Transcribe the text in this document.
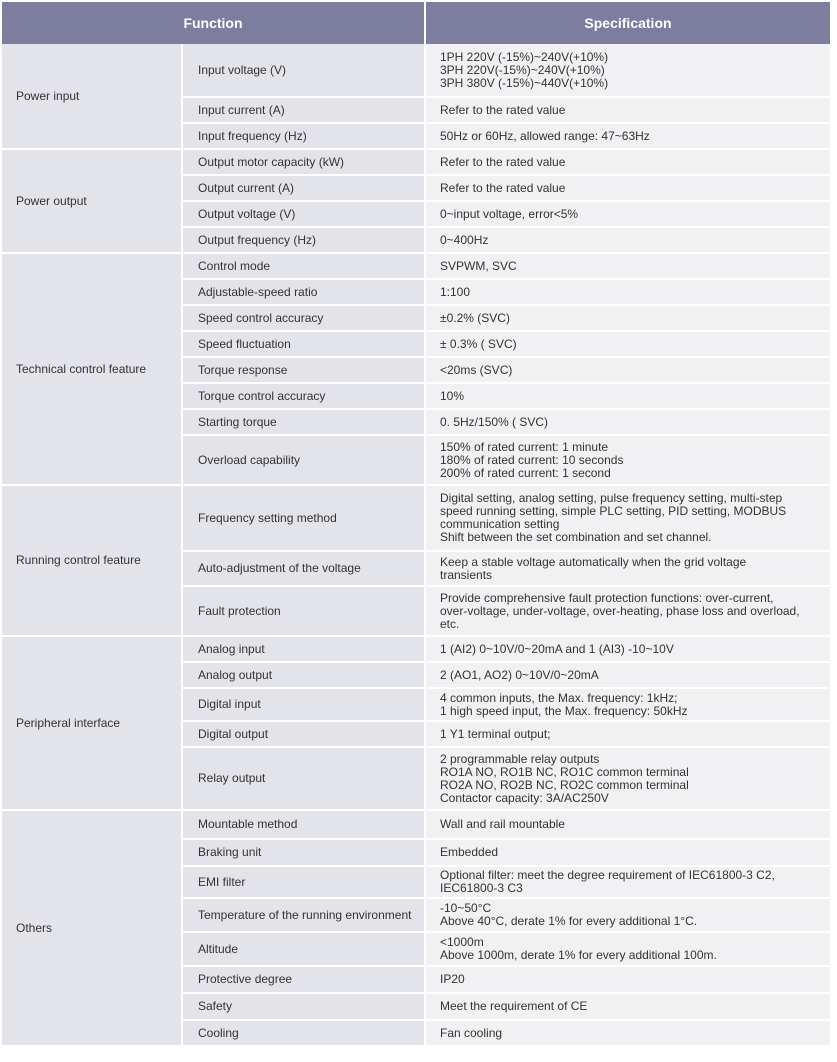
Function		Specification
Power input	Input voltage (V)	1PH 220V (-15%)~240V(+10%)
3PH 220V(-15%)~240V(+10%)
3PH 380V (-15%)~440V(+10%)

	Input current (A)	Refer to the rated value

	Input frequency (Hz)	50Hz or 60Hz, allowed range: 47~63Hz

Power output	Output motor capacity (kW)	Refer to the rated value

	Output current (A)	Refer to the rated value

	Output voltage (V)	0~input voltage, error<5%

	Output frequency (Hz)	0~400Hz

Technical control feature	Control mode	SVPWM, SVC

	Adjustable-speed ratio	1:100

	Speed control accuracy	±0.2% (SVC)

	Speed fluctuation	± 0.3% ( SVC)

	Torque response	<20ms (SVC)

	Torque control accuracy	10%

	Starting torque	0. 5Hz/150% ( SVC)

	Overload capability	150% of rated current: 1 minute
180% of rated current: 10 seconds
200% of rated current: 1 second

Running control feature	Frequency setting method	Digital setting, analog setting, pulse frequency setting, multi-step
speed running setting, simple PLC setting, PID setting, MODBUS
communication setting
Shift between the set combination and set channel.

	Auto-adjustment of the voltage	Keep a stable voltage automatically when the grid voltage
transients

	Fault protection	Provide comprehensive fault protection functions: over-current,
over-voltage, under-voltage, over-heating, phase loss and overload,
etc.

Peripheral interface	Analog input	1 (AI2) 0~10V/0~20mA and 1 (AI3) -10~10V

	Analog output	2 (AO1, AO2) 0~10V/0~20mA

	Digital input	4 common inputs, the Max. frequency: 1kHz;
1 high speed input, the Max. frequency: 50kHz

	Digital output	1 Y1 terminal output;

	Relay output	2 programmable relay outputs
RO1A NO, RO1B NC, RO1C common terminal
RO2A NO, RO2B NC, RO2C common terminal
Contactor capacity: 3A/AC250V

Others	Mountable method	Wall and rail mountable

	Braking unit	Embedded

	EMI filter	Optional filter: meet the degree requirement of IEC61800-3 C2,
IEC61800-3 C3

	Temperature of the running environment	-10~50°C
Above 40°C, derate 1% for every additional 1°C.

	Altitude	<1000m
Above 1000m, derate 1% for every additional 100m.

	Protective degree	IP20

	Safety	Meet the requirement of CE

	Cooling	Fan cooling
